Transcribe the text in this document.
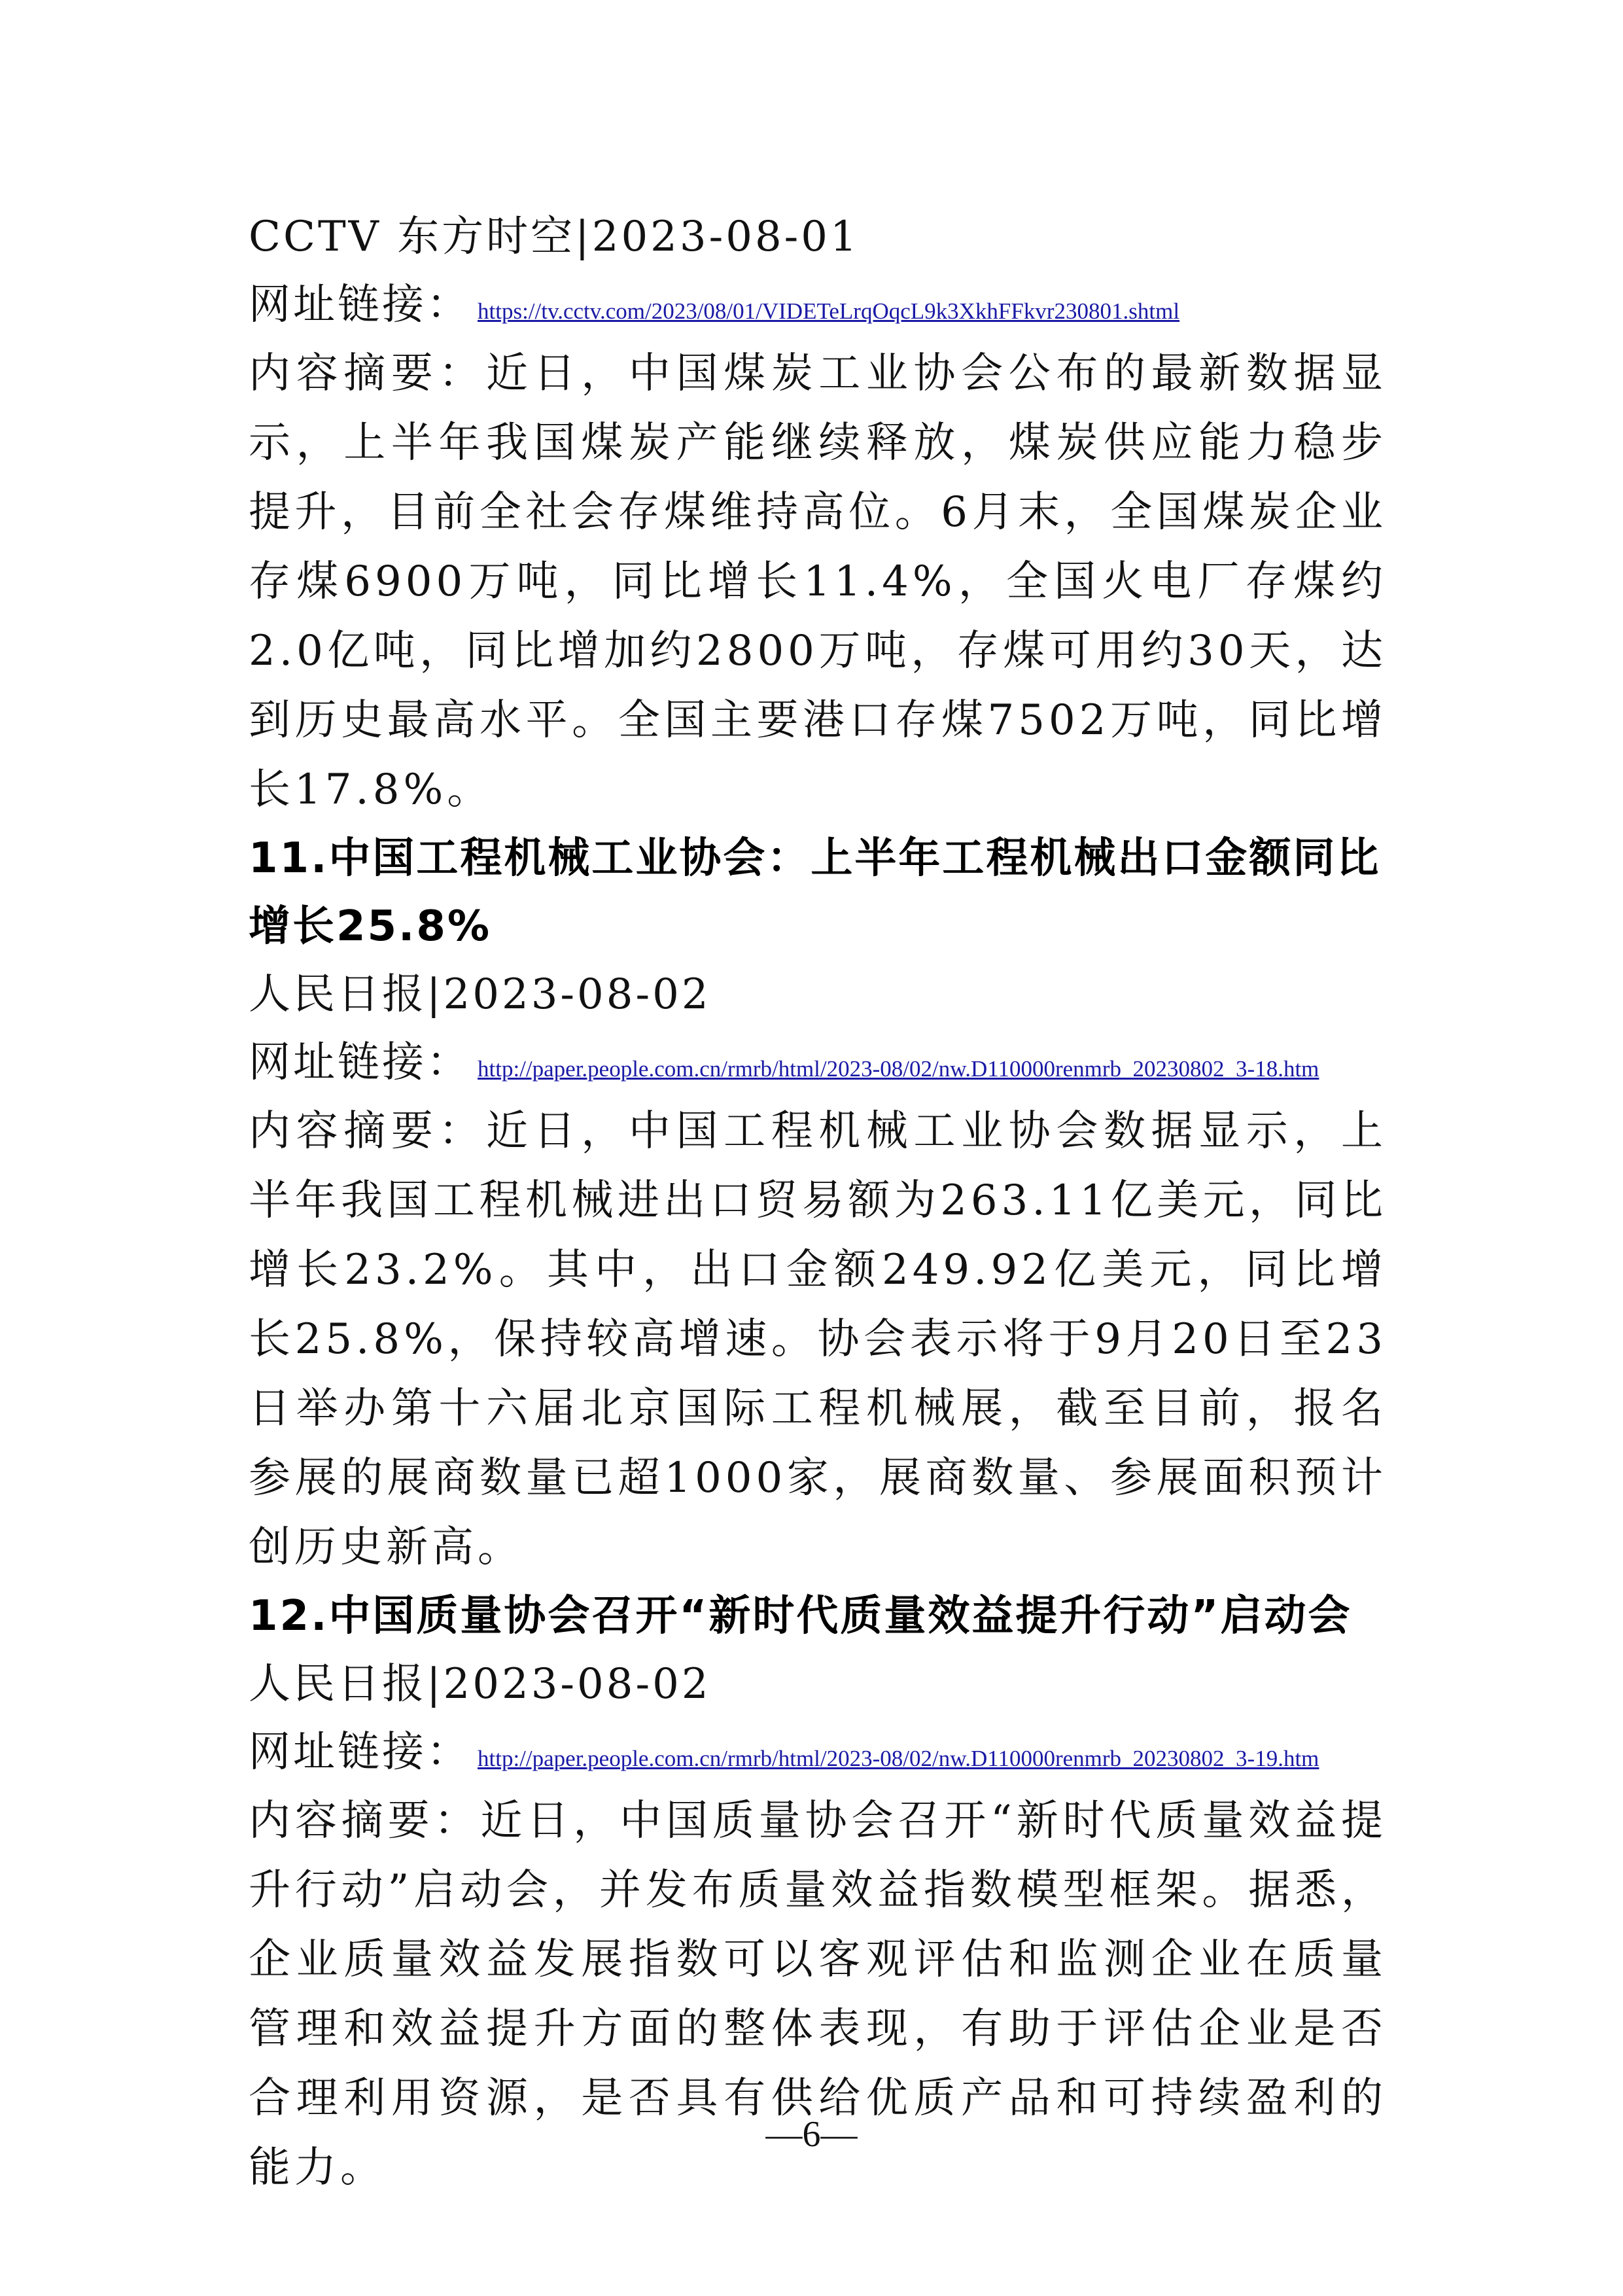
CCTV 东方时空|2023-08-01
网址链接： https://tv.cctv.com/2023/08/01/VIDETeLrqOqcL9k3XkhFFkvr230801.shtml
内容摘要：近日，中国煤炭工业协会公布的最新数据显示，上半年我国煤炭产能继续释放，煤炭供应能力稳步提升，目前全社会存煤维持高位。6月末，全国煤炭企业存煤6900万吨，同比增长11.4%，全国火电厂存煤约2.0亿吨，同比增加约2800万吨，存煤可用约30天，达到历史最高水平。全国主要港口存煤7502万吨，同比增长17.8%。
11.中国工程机械工业协会：上半年工程机械出口金额同比增长25.8%
人民日报|2023-08-02
网址链接： http://paper.people.com.cn/rmrb/html/2023-08/02/nw.D110000renmrb_20230802_3-18.htm
内容摘要：近日，中国工程机械工业协会数据显示，上半年我国工程机械进出口贸易额为263.11亿美元，同比增长23.2%。其中，出口金额249.92亿美元，同比增长25.8%，保持较高增速。协会表示将于9月20日至23日举办第十六届北京国际工程机械展，截至目前，报名参展的展商数量已超1000家，展商数量、参展面积预计创历史新高。
12.中国质量协会召开“新时代质量效益提升行动”启动会
人民日报|2023-08-02
网址链接： http://paper.people.com.cn/rmrb/html/2023-08/02/nw.D110000renmrb_20230802_3-19.htm
内容摘要：近日，中国质量协会召开“新时代质量效益提升行动”启动会，并发布质量效益指数模型框架。据悉，企业质量效益发展指数可以客观评估和监测企业在质量管理和效益提升方面的整体表现，有助于评估企业是否合理利用资源，是否具有供给优质产品和可持续盈利的能力。
—6—
